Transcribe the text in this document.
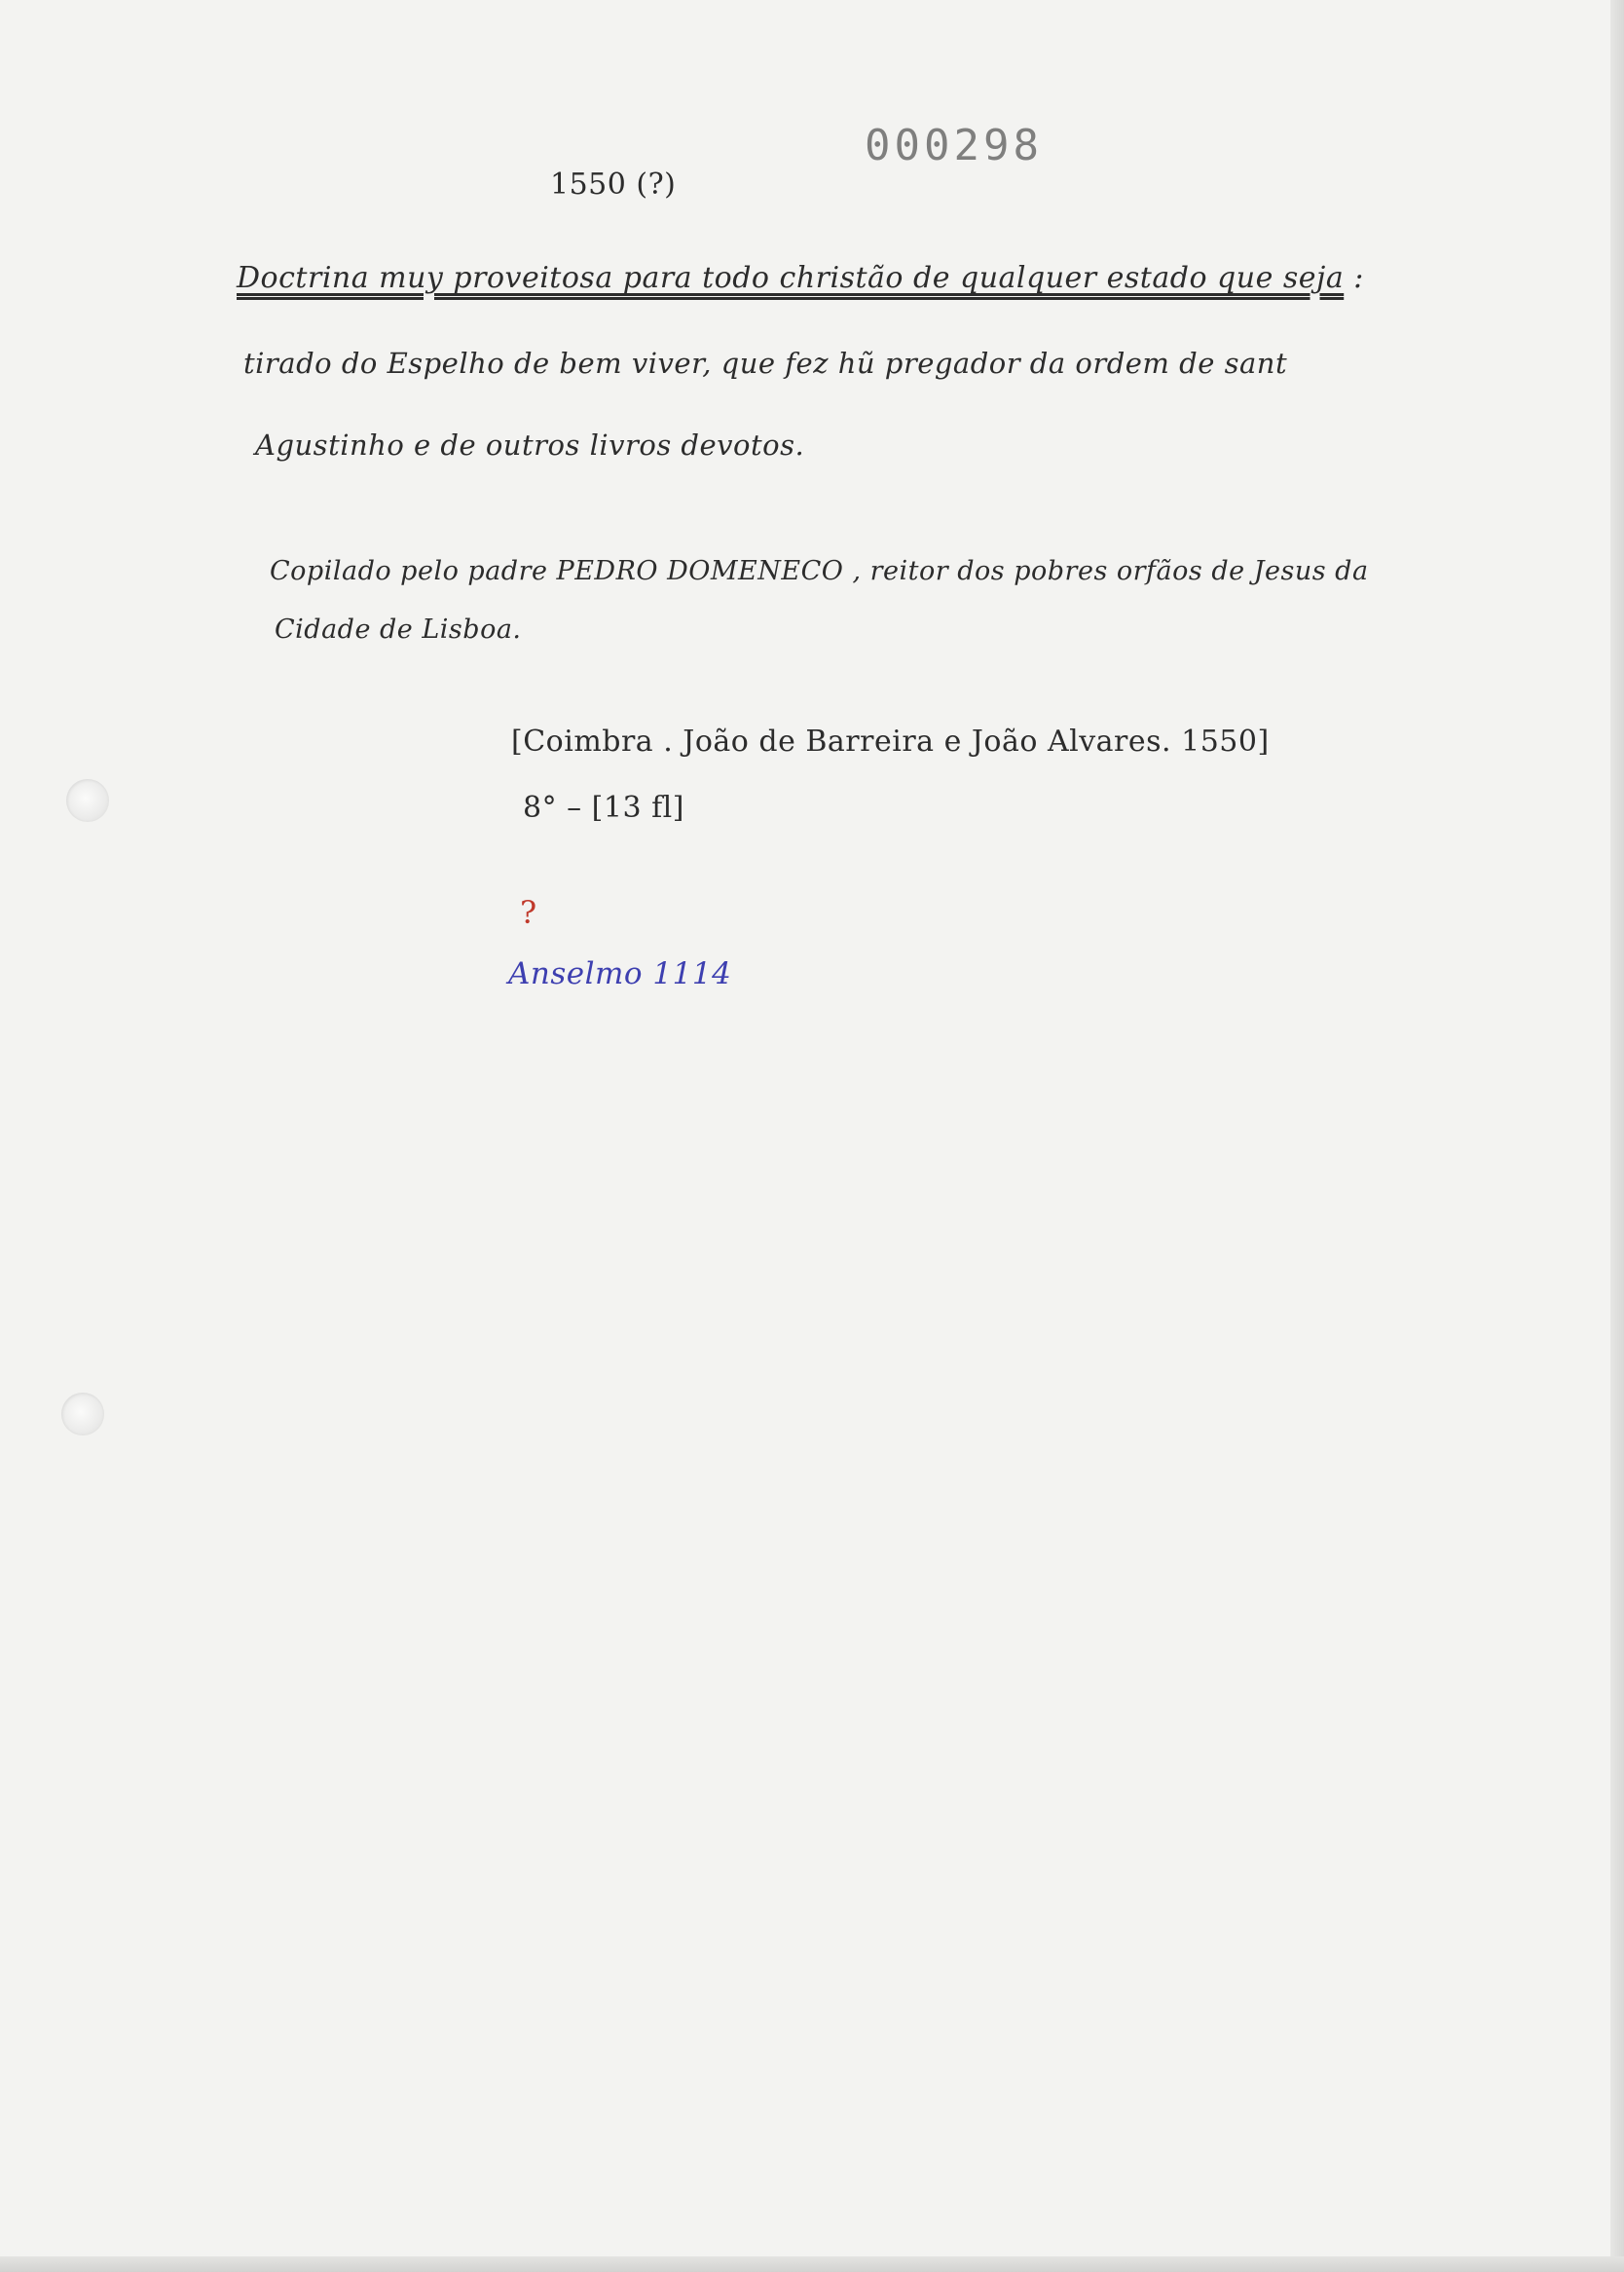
000298
1550 (?)
Doctrina muy proveitosa para todo christão de qualquer estado que seja :
tirado do Espelho de bem viver, que fez hũ pregador da ordem de sant
Agustinho e de outros livros devotos.
Copilado pelo padre PEDRO DOMENECO , reitor dos pobres orfãos de Jesus da
Cidade de Lisboa.
[Coimbra . João de Barreira e João Alvares. 1550]
8° – [13 fl]
?
Anselmo 1114
